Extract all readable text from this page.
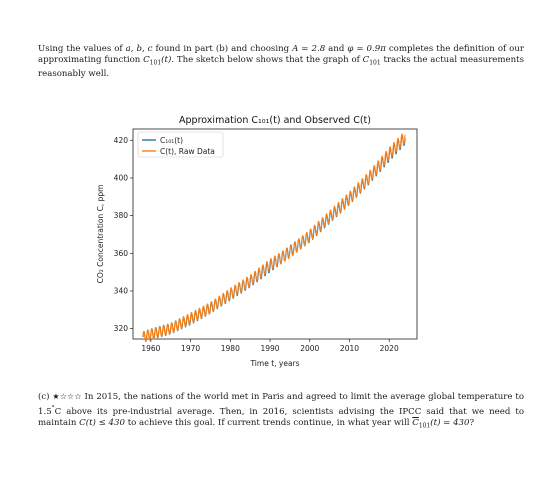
Using the values of a, b, c found in part (b) and choosing A = 2.8 and φ = 0.9π completes the definition of our approximating function $C_{101}(t)$. The sketch below shows that the graph of $C_{101}$ tracks the actual measurements reasonably well.
Approximation C₁₀₁(t) and Observed C(t)
1960	1970	1980	1990	2000	2010	2020
320
340
360
380
400
420
Time t, years
CO₂ Concentration C, ppm
C₁₀₁(t)
C(t), Raw Data
(c) ★☆☆☆ In 2015, the nations of the world met in Paris and agreed to limit the average global temperature to 1.5°C above its pre-industrial average. Then, in 2016, scientists advising the IPCC said that we need to maintain C(t) ≤ 430 to achieve this goal. If current trends continue, in what year will $\overline{C}_{101}(t) = 430$?
